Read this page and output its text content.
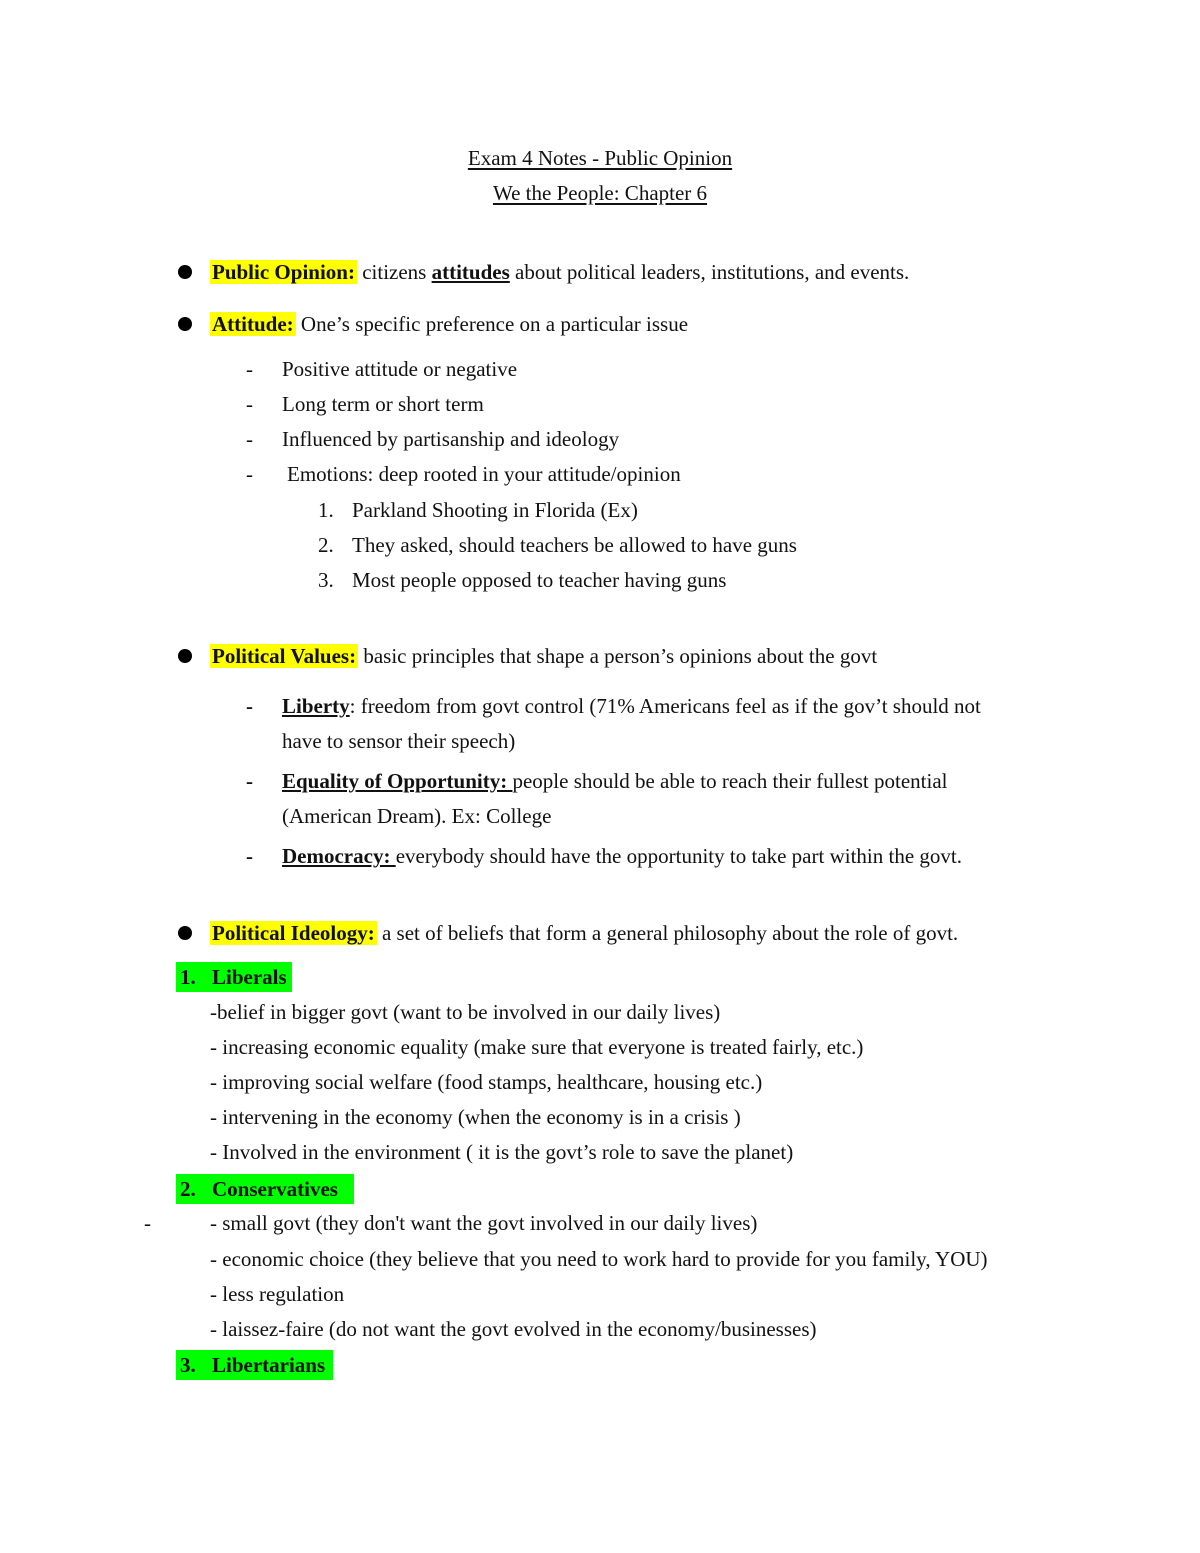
Exam 4 Notes - Public Opinion
We the People: Chapter 6
Public Opinion: citizens attitudes about political leaders, institutions, and events.
Attitude: One’s specific preference on a particular issue
- Positive attitude or negative
- Long term or short term
- Influenced by partisanship and ideology
- Emotions: deep rooted in your attitude/opinion
1. Parkland Shooting in Florida (Ex)
2. They asked, should teachers be allowed to have guns
3. Most people opposed to teacher having guns
Political Values: basic principles that shape a person’s opinions about the govt
- Liberty: freedom from govt control (71% Americans feel as if the gov’t should not
have to sensor their speech)
- Equality of Opportunity: people should be able to reach their fullest potential
(American Dream). Ex: College
- Democracy: everybody should have the opportunity to take part within the govt.
Political Ideology: a set of beliefs that form a general philosophy about the role of govt.
1. Liberals
-belief in bigger govt (want to be involved in our daily lives)
- increasing economic equality (make sure that everyone is treated fairly, etc.)
- improving social welfare (food stamps, healthcare, housing etc.)
- intervening in the economy (when the economy is in a crisis )
- Involved in the environment ( it is the govt’s role to save the planet)
2. Conservatives
-	- small govt (they don't want the govt involved in our daily lives)
- economic choice (they believe that you need to work hard to provide for you family, YOU)
- less regulation
- laissez-faire (do not want the govt evolved in the economy/businesses)
3. Libertarians
